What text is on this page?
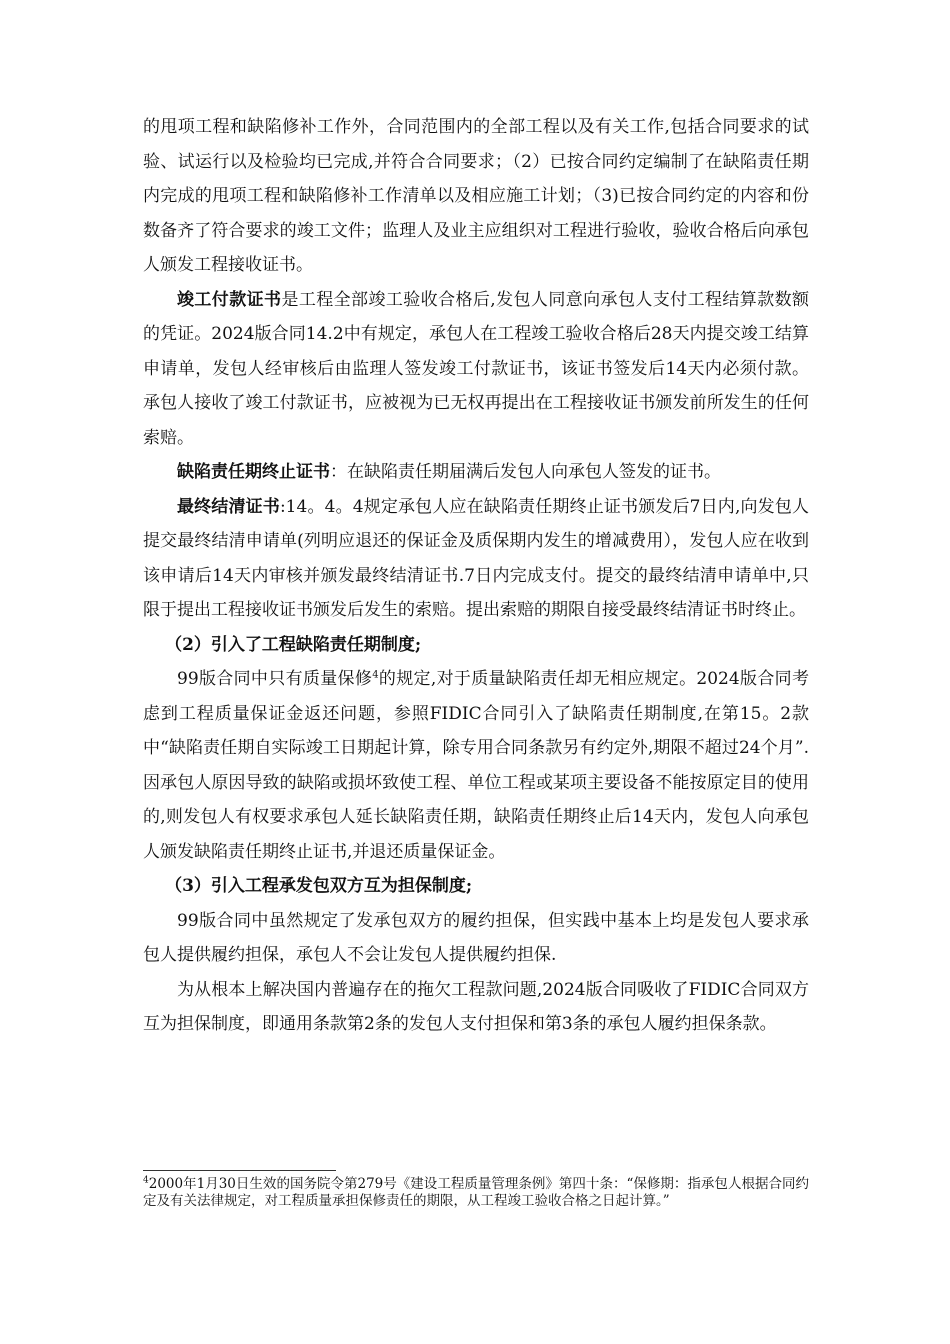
的甩项工程和缺陷修补工作外，合同范围内的全部工程以及有关工作,包括合同要求的试验、试运行以及检验均已完成,并符合合同要求；（2）已按合同约定编制了在缺陷责任期内完成的甩项工程和缺陷修补工作清单以及相应施工计划；（3)已按合同约定的内容和份数备齐了符合要求的竣工文件；监理人及业主应组织对工程进行验收，验收合格后向承包人颁发工程接收证书。

竣工付款证书是工程全部竣工验收合格后,发包人同意向承包人支付工程结算款数额的凭证。2024版合同14.2中有规定，承包人在工程竣工验收合格后28天内提交竣工结算申请单，发包人经审核后由监理人签发竣工付款证书，该证书签发后14天内必须付款。承包人接收了竣工付款证书，应被视为已无权再提出在工程接收证书颁发前所发生的任何索赔。

缺陷责任期终止证书：在缺陷责任期届满后发包人向承包人签发的证书。

最终结清证书:14。4。4规定承包人应在缺陷责任期终止证书颁发后7日内,向发包人提交最终结清申请单(列明应退还的保证金及质保期内发生的增减费用），发包人应在收到该申请后14天内审核并颁发最终结清证书.7日内完成支付。提交的最终结清申请单中,只限于提出工程接收证书颁发后发生的索赔。提出索赔的期限自接受最终结清证书时终止。

（2）引入了工程缺陷责任期制度;

99版合同中只有质量保修$^4$的规定,对于质量缺陷责任却无相应规定。2024版合同考虑到工程质量保证金返还问题，参照FIDIC合同引入了缺陷责任期制度,在第15。2款中“缺陷责任期自实际竣工日期起计算，除专用合同条款另有约定外,期限不超过24个月”.因承包人原因导致的缺陷或损坏致使工程、单位工程或某项主要设备不能按原定目的使用的,则发包人有权要求承包人延长缺陷责任期，缺陷责任期终止后14天内，发包人向承包人颁发缺陷责任期终止证书,并退还质量保证金。

（3）引入工程承发包双方互为担保制度;

99版合同中虽然规定了发承包双方的履约担保，但实践中基本上均是发包人要求承包人提供履约担保，承包人不会让发包人提供履约担保.

为从根本上解决国内普遍存在的拖欠工程款问题,2024版合同吸收了FIDIC合同双方互为担保制度，即通用条款第2条的发包人支付担保和第3条的承包人履约担保条款。

$^4$2000年1月30日生效的国务院令第279号《建设工程质量管理条例》第四十条：“保修期：指承包人根据合同约定及有关法律规定，对工程质量承担保修责任的期限，从工程竣工验收合格之日起计算。”
